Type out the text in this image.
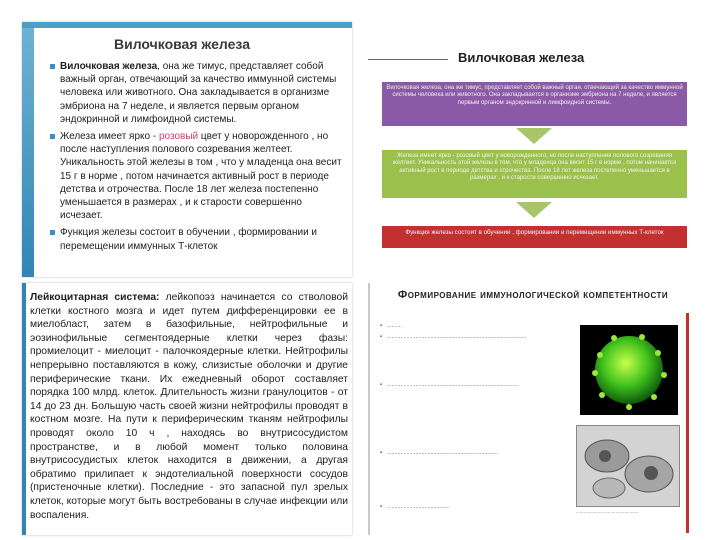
Вилочковая железа
Вилочковая железа, она же тимус, представляет собой важный орган, отвечающий за качество иммунной системы человека или животного. Она закладывается в организме эмбриона на 7 неделе, и является первым органом эндокринной и лимфоидной системы.
Железа имеет ярко - розовый цвет у новорожденного , но после наступления полового созревания желтеет. Уникальность этой железы в том , что у младенца она весит 15 г в норме , потом начинается активный рост в периоде детства и отрочества. После 18 лет железа постепенно уменьшается в размерах , и к старости совершенно исчезает.
Функция железы состоит в обучении , формировании и перемещении иммунных Т-клеток
Лейкоцитарная система: лейкопоэз начинается со стволовой клетки костного мозга и идет путем дифференцировки ее в миелобласт, затем в базофильные, нейтрофильные и эозинофильные сегментоядерные клетки через фазы: промиелоцит - миелоцит - палочкоядерные клетки. Нейтрофилы непрерывно поставляются в кожу, слизистые оболочки и другие периферические ткани. Их ежедневный оборот составляет порядка 100 млрд. клеток. Длительность жизни гранулоцитов - от 14 до 23 дн. Большую часть своей жизни нейтрофилы проводят в костном мозге. На пути к периферическим тканям нейтрофилы проводят около 10 ч , находясь во внутрисосудистом пространстве, и в любой момент только половина внутрисосудистых клеток находится в движении, а другая обратимо прилипает к эндотелиальной поверхности сосудов (пристеночные клетки). Последние - это запасной пул зрелых клеток, которые могут быть востребованы в случае инфекции или воспаления.
Вилочковая железа
Вилочковая железа, она же тимус, представляет собой важный орган, отвечающий за качество иммунной системы человека или животного. Она закладывается в организме эмбриона на 7 неделе, и является первым органом эндокринной и лимфоидной системы.
Железа имеет ярко - розовый цвет у новорожденного, но после наступления полового созревания желтеет. Уникальность этой железы в том, что у младенца она весит 15 г в норме , потом начинается активный рост в периоде детства и отрочества. После 18 лет железа постепенно уменьшается в размерах , и к старости совершенно исчезает.
Функция железы состоит в обучении , формировании и перемещении иммунных Т-клеток
Формирование иммунологической компетентности

▪ ..........

▪ .............................................................................................

▪ ........................................................................................

▪ ..........................................................................

▪ ..........................................

.................................................
